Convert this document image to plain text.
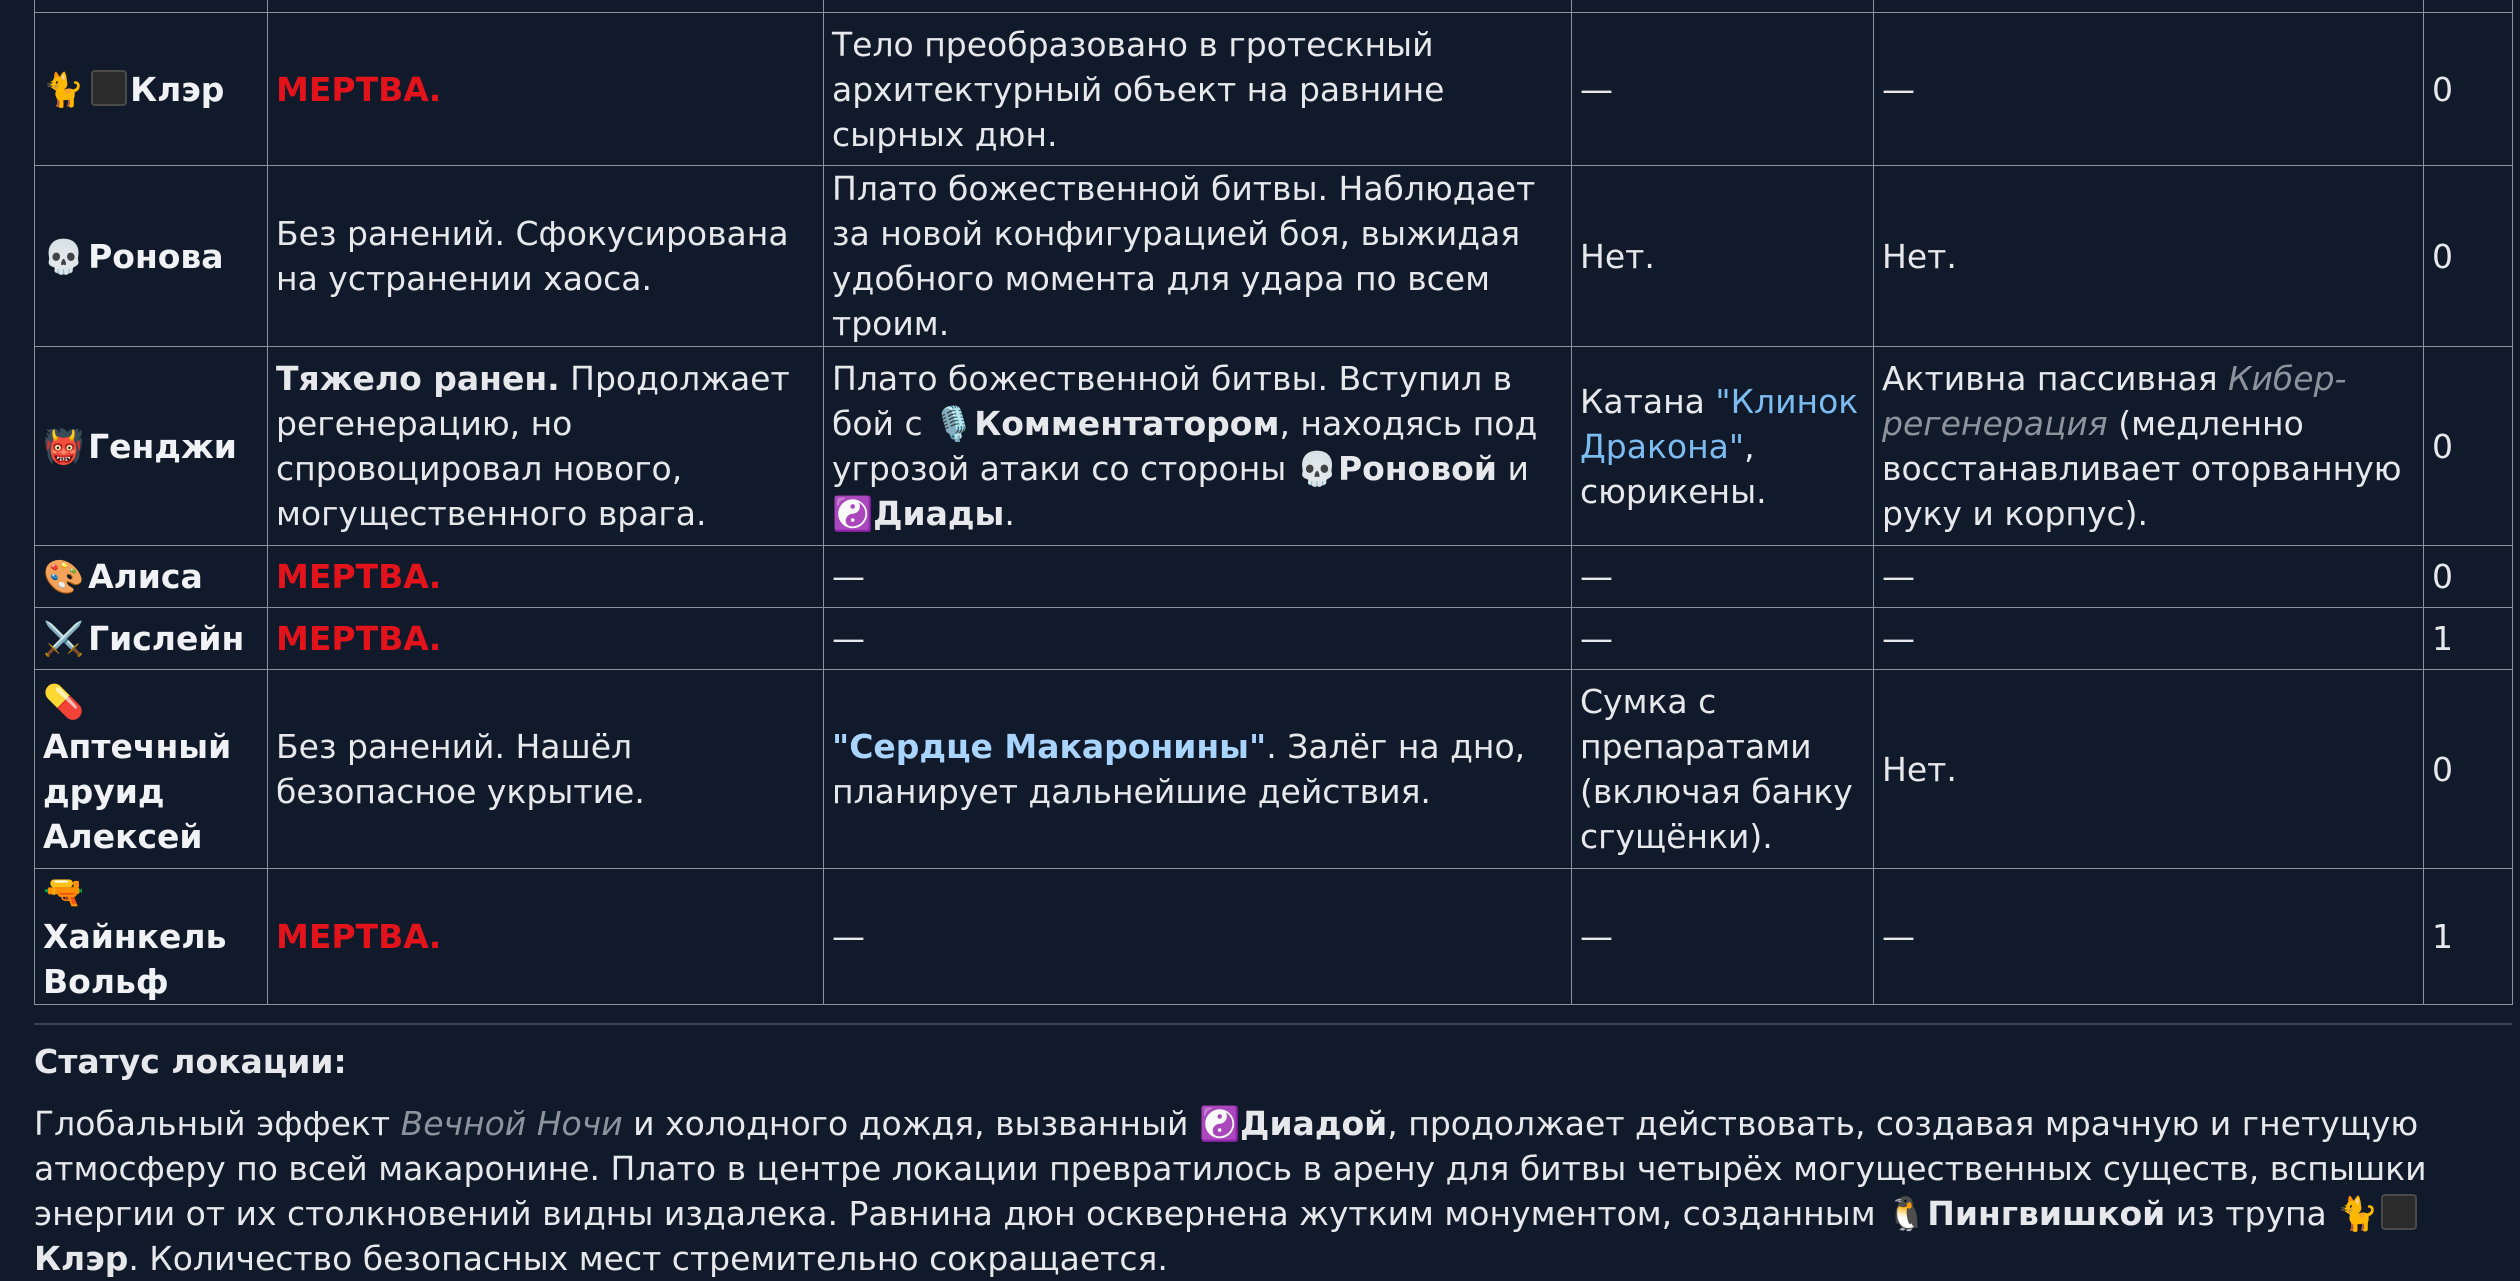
🐈 Клэр	МЕРТВА.	Тело преобразовано в гротескный архитектурный объект на равнине сырных дюн.	—	—	0
💀 Ронова	Без ранений. Сфокусирована на устранении хаоса.	Плато божественной битвы. Наблюдает за новой конфигурацией боя, выжидая удобного момента для удара по всем троим.	Нет.	Нет.	0
👹 Генджи	Тяжело ранен. Продолжает регенерацию, но спровоцировал нового, могущественного врага.	Плато божественной битвы. Вступил в бой с 🎙️Комментатором, находясь под угрозой атаки со стороны 💀Роновой и ☯️Диады.	Катана "Клинок Дракона", сюрикены.	Активна пассивная Кибер-регенерация (медленно восстанавливает оторванную руку и корпус).	0
🎨 Алиса	МЕРТВА.	—	—	—	0
⚔️ Гислейн	МЕРТВА.	—	—	—	1
💊Аптечный друид Алексей	Без ранений. Нашёл безопасное укрытие.	"Сердце Макаронины". Залёг на дно, планирует дальнейшие действия.	Сумка с препаратами (включая банку сгущёнки).	Нет.	0
🔫Хайнкель Вольф	МЕРТВА.	—	—	—	1
Статус локации:
Глобальный эффект Вечной Ночи и холодного дождя, вызванный ☯️Диадой, продолжает действовать, создавая мрачную и гнетущую атмосферу по всей макаронине. Плато в центре локации превратилось в арену для битвы четырёх могущественных существ, вспышки энергии от их столкновений видны издалека. Равнина дюн осквернена жутким монументом, созданным 🐧Пингвишкой из трупа 🐈Клэр. Количество безопасных мест стремительно сокращается.
